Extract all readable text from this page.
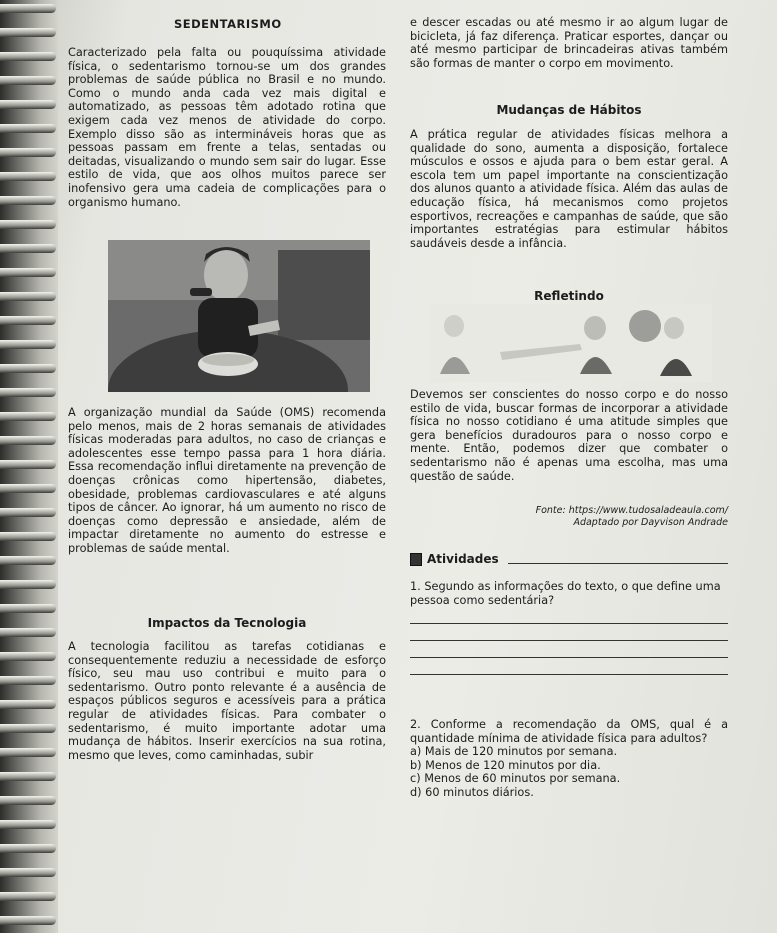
SEDENTARISMO

Caracterizado pela falta ou pouquíssima atividade física, o sedentarismo tornou-se um dos grandes problemas de saúde pública no Brasil e no mundo. Como o mundo anda cada vez mais digital e automatizado, as pessoas têm adotado rotina que exigem cada vez menos de atividade do corpo. Exemplo disso são as intermináveis horas que as pessoas passam em frente a telas, sentadas ou deitadas, visualizando o mundo sem sair do lugar. Esse estilo de vida, que aos olhos muitos parece ser inofensivo gera uma cadeia de complicações para o organismo humano.

A organização mundial da Saúde (OMS) recomenda pelo menos, mais de 2 horas semanais de atividades físicas moderadas para adultos, no caso de crianças e adolescentes esse tempo passa para 1 hora diária. Essa recomendação influi diretamente na prevenção de doenças crônicas como hipertensão, diabetes, obesidade, problemas cardiovasculares e até alguns tipos de câncer. Ao ignorar, há um aumento no risco de doenças como depressão e ansiedade, além de impactar diretamente no aumento do estresse e problemas de saúde mental.

Impactos da Tecnologia

A tecnologia facilitou as tarefas cotidianas e consequentemente reduziu a necessidade de esforço físico, seu mau uso contribui e muito para o sedentarismo. Outro ponto relevante é a ausência de espaços públicos seguros e acessíveis para a prática regular de atividades físicas. Para combater o sedentarismo, é muito importante adotar uma mudança de hábitos. Inserir exercícios na sua rotina, mesmo que leves, como caminhadas, subir

e descer escadas ou até mesmo ir ao algum lugar de bicicleta, já faz diferença. Praticar esportes, dançar ou até mesmo participar de brincadeiras ativas também são formas de manter o corpo em movimento.

Mudanças de Hábitos

A prática regular de atividades físicas melhora a qualidade do sono, aumenta a disposição, fortalece músculos e ossos e ajuda para o bem estar geral. A escola tem um papel importante na conscientização dos alunos quanto a atividade física. Além das aulas de educação física, há mecanismos como projetos esportivos, recreações e campanhas de saúde, que são importantes estratégias para estimular hábitos saudáveis desde a infância.

Refletindo

Devemos ser conscientes do nosso corpo e do nosso estilo de vida, buscar formas de incorporar a atividade física no nosso cotidiano é uma atitude simples que gera benefícios duradouros para o nosso corpo e mente. Então, podemos dizer que combater o sedentarismo não é apenas uma escolha, mas uma questão de saúde.

Fonte: https://www.tudosaladeaula.com/
Adaptado por Dayvison Andrade
Atividades

1. Segundo as informações do texto, o que define uma pessoa como sedentária?

2. Conforme a recomendação da OMS, qual é a quantidade mínima de atividade física para adultos?

a) Mais de 120 minutos por semana.
b) Menos de 120 minutos por dia.
c) Menos de 60 minutos por semana.
d) 60 minutos diários.
